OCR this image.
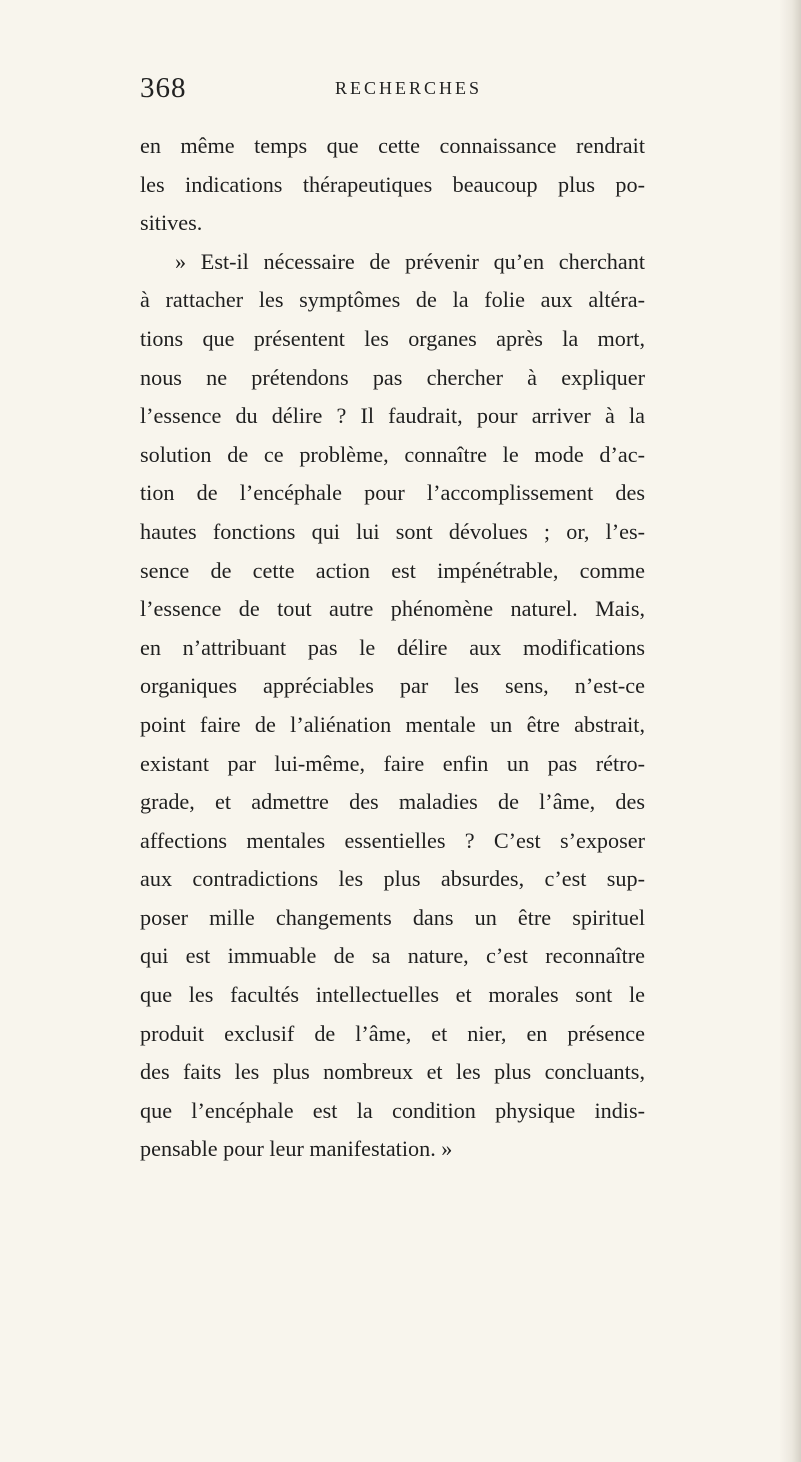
368	RECHERCHES
en même temps que cette connaissance rendrait
les indications thérapeutiques beaucoup plus po-
sitives.
» Est-il nécessaire de prévenir qu’en cherchant
à rattacher les symptômes de la folie aux altéra-
tions que présentent les organes après la mort,
nous ne prétendons pas chercher à expliquer
l’essence du délire ? Il faudrait, pour arriver à la
solution de ce problème, connaître le mode d’ac-
tion de l’encéphale pour l’accomplissement des
hautes fonctions qui lui sont dévolues ; or, l’es-
sence de cette action est impénétrable, comme
l’essence de tout autre phénomène naturel. Mais,
en n’attribuant pas le délire aux modifications
organiques appréciables par les sens, n’est-ce
point faire de l’aliénation mentale un être abstrait,
existant par lui-même, faire enfin un pas rétro-
grade, et admettre des maladies de l’âme, des
affections mentales essentielles ? C’est s’exposer
aux contradictions les plus absurdes, c’est sup-
poser mille changements dans un être spirituel
qui est immuable de sa nature, c’est reconnaître
que les facultés intellectuelles et morales sont le
produit exclusif de l’âme, et nier, en présence
des faits les plus nombreux et les plus concluants,
que l’encéphale est la condition physique indis-
pensable pour leur manifestation. »
